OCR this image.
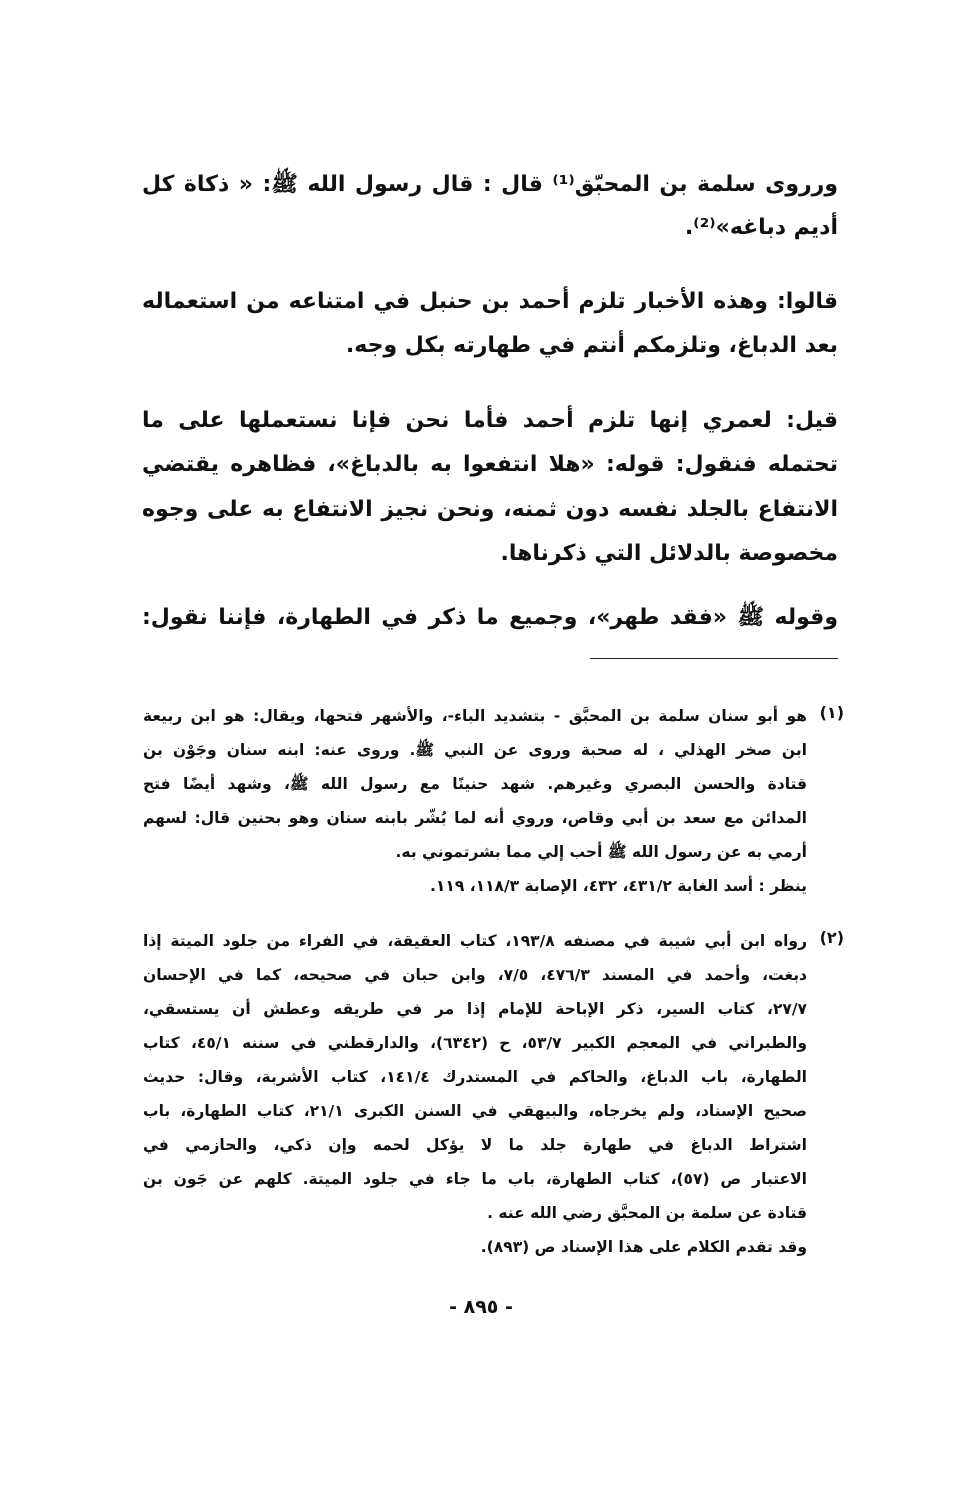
ورروى سلمة بن المحبّق⁽¹⁾ قال : قال رسول الله ﷺ: « ذكاة كل
أديم دباغه»⁽²⁾.
قالوا: وهذه الأخبار تلزم أحمد بن حنبل في امتناعه من استعماله
بعد الدباغ، وتلزمكم أنتم في طهارته بكل وجه.
قيل: لعمري إنها تلزم أحمد فأما نحن فإنا نستعملها على ما
تحتمله فنقول: قوله: «هلا انتفعوا به بالدباغ»، فظاهره يقتضي
الانتفاع بالجلد نفسه دون ثمنه، ونحن نجيز الانتفاع به على وجوه
مخصوصة بالدلائل التي ذكرناها.
وقوله ﷺ «فقد طهر»، وجميع ما ذكر في الطهارة، فإننا نقول:
(١)
هو أبو سنان سلمة بن المحبَّق - بتشديد الباء-، والأشهر فتحها، ويقال: هو ابن ربيعة
ابن صخر الهذلي ، له صحبة وروى عن النبي ﷺ. وروى عنه: ابنه سنان وجَوْن بن
قتادة والحسن البصري وغيرهم. شهد حنينًا مع رسول الله ﷺ، وشهد أيضًا فتح
المدائن مع سعد بن أبي وقاص، وروي أنه لما بُشّر بابنه سنان وهو بحنين قال: لسهم
أرمي به عن رسول الله ﷺ أحب إلي مما بشرتموني به.
ينظر : أسد الغابة ٤٣١/٢، ٤٣٢، الإصابة ١١٨/٣، ١١٩.
(٢)
رواه ابن أبي شيبة في مصنفه ١٩٣/٨، كتاب العقيقة، في الفراء من جلود الميتة إذا
دبغت، وأحمد في المسند ٤٧٦/٣، ٧/٥، وابن حبان في صحيحه، كما في الإحسان
٢٧/٧، كتاب السير، ذكر الإباحة للإمام إذا مر في طريقه وعطش أن يستسقي،
والطبراني في المعجم الكبير ٥٣/٧، ح (٦٣٤٢)، والدارقطني في سننه ٤٥/١، كتاب
الطهارة، باب الدباغ، والحاكم في المستدرك ١٤١/٤، كتاب الأشربة، وقال: حديث
صحيح الإسناد، ولم يخرجاه، والبيهقي في السنن الكبرى ٢١/١، كتاب الطهارة، باب
اشتراط الدباغ في طهارة جلد ما لا يؤكل لحمه وإن ذكي، والحازمي في
الاعتبار ص (٥٧)، كتاب الطهارة، باب ما جاء في جلود الميتة. كلهم عن جَون بن
قتادة عن سلمة بن المحبَّق رضي الله عنه .
وقد تقدم الكلام على هذا الإسناد ص (٨٩٣).
- ٨٩٥ -
